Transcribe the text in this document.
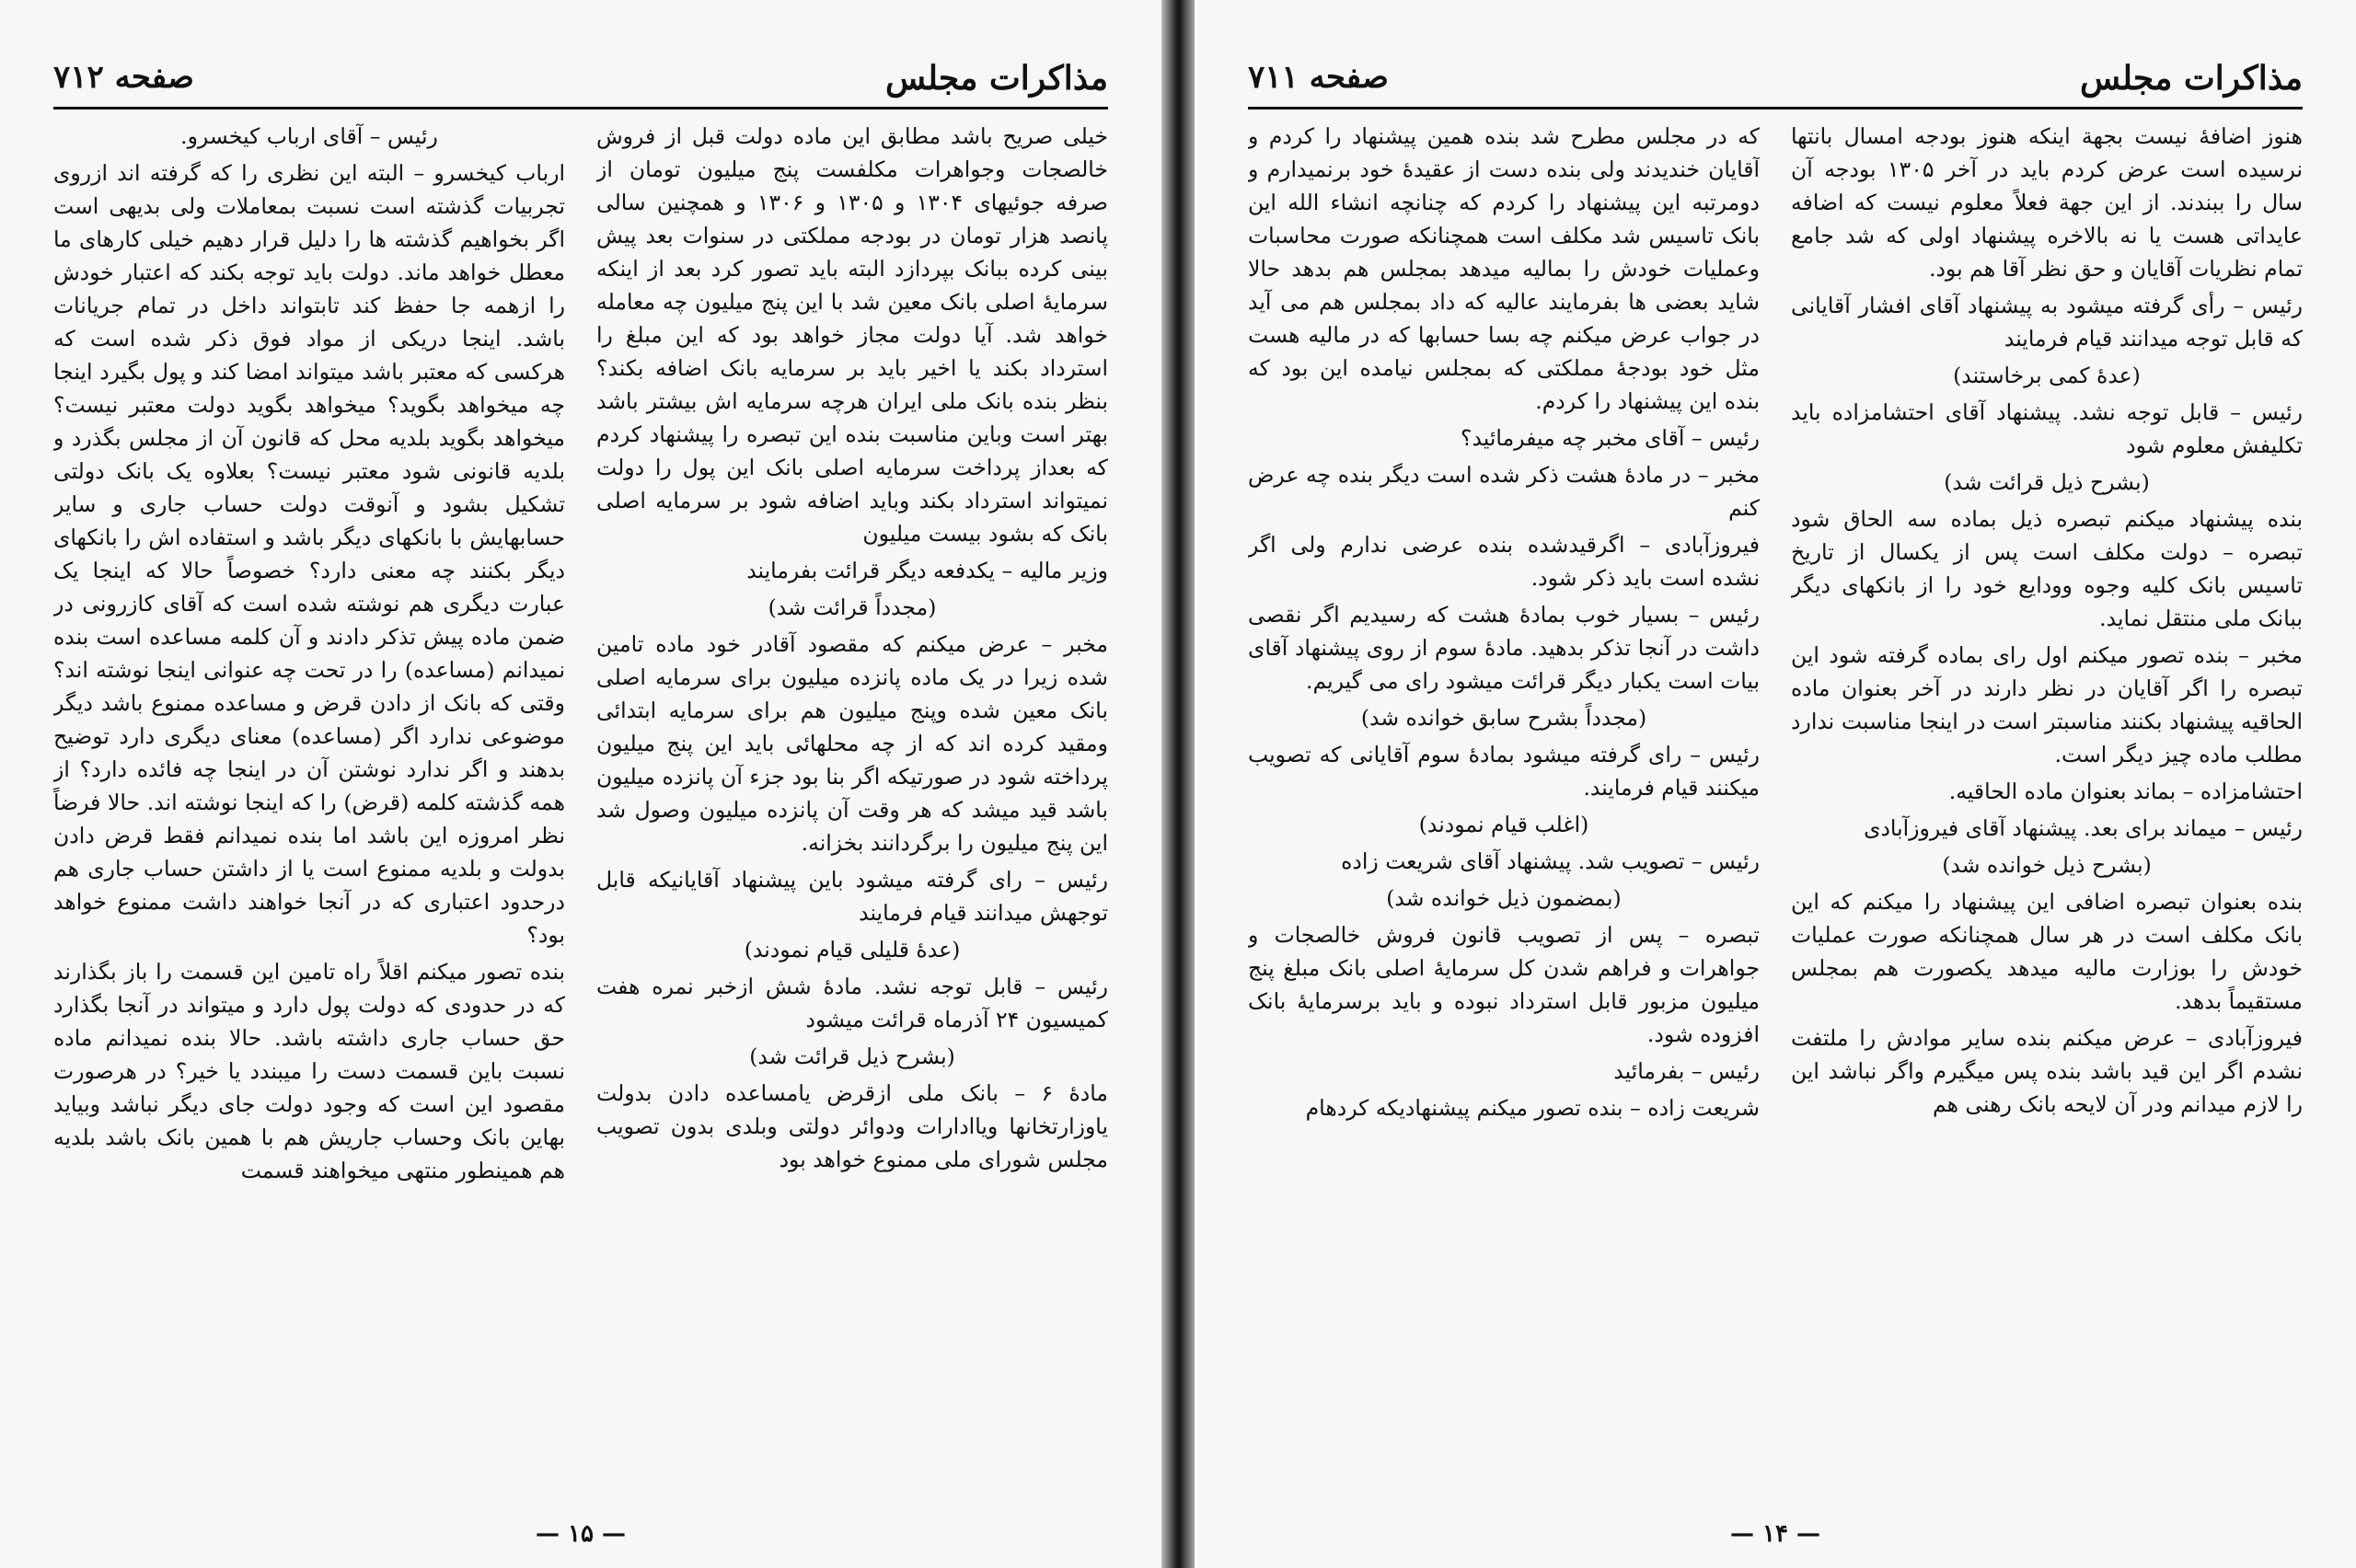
مذاکرات مجلس
صفحه ۷۱۲

خیلی صریح باشد مطابق این ماده دولت قبل از فروش خالصجات وجواهرات مکلفست پنج میلیون تومان از صرفه جوئیهای ۱۳۰۴ و ۱۳۰۵ و ۱۳۰۶ و همچنین سالی پانصد هزار تومان در بودجه مملکتی در سنوات بعد پیش بینی کرده ببانک بپردازد البته باید تصور کرد بعد از اینکه سرمایهٔ اصلی بانک معین شد با این پنج میلیون چه معامله خواهد شد. آیا دولت مجاز خواهد بود که این مبلغ را استرداد بکند یا اخیر باید بر سرمایه بانک اضافه بکند؟ بنظر بنده بانک ملی ایران هرچه سرمایه اش بیشتر باشد بهتر است وباین مناسبت بنده این تبصره را پیشنهاد کردم که بعداز پرداخت سرمایه اصلی بانک این پول را دولت نمیتواند استرداد بکند وباید اضافه شود بر سرمایه اصلی بانک که بشود بیست میلیون

وزیر مالیه – یکدفعه دیگر قرائت بفرمایند

(مجدداً قرائت شد)

مخبر – عرض میکنم که مقصود آقادر خود ماده تامین شده زیرا در یک ماده پانزده میلیون برای سرمایه اصلی بانک معین شده وپنج میلیون هم برای سرمایه ابتدائی ومقید کرده اند که از چه محلهائی باید این پنج میلیون پرداخته شود در صورتیکه اگر بنا بود جزء آن پانزده میلیون باشد قید میشد که هر وقت آن پانزده میلیون وصول شد این پنج میلیون را برگردانند بخزانه.

رئیس – رای گرفته میشود باین پیشنهاد آقایانیکه قابل توجهش میدانند قیام فرمایند

(عدهٔ قلیلی قیام نمودند)

رئیس – قابل توجه نشد. مادهٔ شش ازخبر نمره هفت کمیسیون ۲۴ آذرماه قرائت میشود

(بشرح ذیل قرائت شد)

مادهٔ ۶ – بانک ملی ازقرض یامساعده دادن بدولت یاوزارتخانها ویاادارات ودوائر دولتی وبلدی بدون تصویب مجلس شورای ملی ممنوع خواهد بود

رئیس – آقای ارباب کیخسرو.

ارباب کیخسرو – البته این نظری را که گرفته اند ازروی تجربیات گذشته است نسبت بمعاملات ولی بدیهی است اگر بخواهیم گذشته ها را دلیل قرار دهیم خیلی کارهای ما معطل خواهد ماند. دولت باید توجه بکند که اعتبار خودش را ازهمه جا حفظ کند تابتواند داخل در تمام جریانات باشد. اینجا دریکی از مواد فوق ذکر شده است که هرکسی که معتبر باشد میتواند امضا کند و پول بگیرد اینجا چه میخواهد بگوید؟ میخواهد بگوید دولت معتبر نیست؟ میخواهد بگوید بلدیه محل که قانون آن از مجلس بگذرد و بلدیه قانونی شود معتبر نیست؟ بعلاوه یک بانک دولتی تشکیل بشود و آنوقت دولت حساب جاری و سایر حسابهایش با بانکهای دیگر باشد و استفاده اش را بانکهای دیگر بکنند چه معنی دارد؟ خصوصاً حالا که اینجا یک عبارت دیگری هم نوشته شده است که آقای کازرونی در ضمن ماده پیش تذکر دادند و آن کلمه مساعده است بنده نمیدانم (مساعده) را در تحت چه عنوانی اینجا نوشته اند؟ وقتی که بانک از دادن قرض و مساعده ممنوع باشد دیگر موضوعی ندارد اگر (مساعده) معنای دیگری دارد توضیح بدهند و اگر ندارد نوشتن آن در اینجا چه فائده دارد؟ از همه گذشته کلمه (قرض) را که اینجا نوشته اند. حالا فرضاً نظر امروزه این باشد اما بنده نمیدانم فقط قرض دادن بدولت و بلدیه ممنوع است یا از داشتن حساب جاری هم درحدود اعتباری که در آنجا خواهند داشت ممنوع خواهد بود؟

بنده تصور میکنم اقلاً راه تامین این قسمت را باز بگذارند که در حدودی که دولت پول دارد و میتواند در آنجا بگذارد حق حساب جاری داشته باشد. حالا بنده نمیدانم ماده نسبت باین قسمت دست را میبندد یا خیر؟ در هرصورت مقصود این است که وجود دولت جای دیگر نباشد وبیاید بهاین بانک وحساب جاریش هم با همین بانک باشد بلدیه هم همینطور منتهی میخواهند قسمت

— ۱۵ —
مذاکرات مجلس
صفحه ۷۱۱

هنوز اضافهٔ نیست بجهة اینکه هنوز بودجه امسال بانتها نرسیده است عرض کردم باید در آخر ۱۳۰۵ بودجه آن سال را ببندند. از این جهة فعلاً معلوم نیست که اضافه عایداتی هست یا نه بالاخره پیشنهاد اولی که شد جامع تمام نظریات آقایان و حق نظر آقا هم بود.

رئیس – رأی گرفته میشود به پیشنهاد آقای افشار آقایانی که قابل توجه میدانند قیام فرمایند

(عدهٔ کمی برخاستند)

رئیس – قابل توجه نشد. پیشنهاد آقای احتشامزاده باید تکلیفش معلوم شود

(بشرح ذیل قرائت شد)

بنده پیشنهاد میکنم تبصره ذیل بماده سه الحاق شود تبصره – دولت مکلف است پس از یکسال از تاریخ تاسیس بانک کلیه وجوه وودایع خود را از بانکهای دیگر ببانک ملی منتقل نماید.

مخبر – بنده تصور میکنم اول رای بماده گرفته شود این تبصره را اگر آقایان در نظر دارند در آخر بعنوان ماده الحاقیه پیشنهاد بکنند مناسبتر است در اینجا مناسبت ندارد مطلب ماده چیز دیگر است.

احتشامزاده – بماند بعنوان ماده الحاقیه.

رئیس – میماند برای بعد. پیشنهاد آقای فیروزآبادی

(بشرح ذیل خوانده شد)

بنده بعنوان تبصره اضافی این پیشنهاد را میکنم که این بانک مکلف است در هر سال همچنانکه صورت عملیات خودش را بوزارت مالیه میدهد یکصورت هم بمجلس مستقیماً بدهد.

فیروزآبادی – عرض میکنم بنده سایر موادش را ملتفت نشدم اگر این قید باشد بنده پس میگیرم واگر نباشد این را لازم میدانم ودر آن لایحه بانک رهنی هم

که در مجلس مطرح شد بنده همین پیشنهاد را کردم و آقایان خندیدند ولی بنده دست از عقیدهٔ خود برنمیدارم و دومرتبه این پیشنهاد را کردم که چنانچه انشاء الله این بانک تاسیس شد مکلف است همچنانکه صورت محاسبات وعملیات خودش را بمالیه میدهد بمجلس هم بدهد حالا شاید بعضی ها بفرمایند عالیه که داد بمجلس هم می آید در جواب عرض میکنم چه بسا حسابها که در مالیه هست مثل خود بودجهٔ مملکتی که بمجلس نیامده این بود که بنده این پیشنهاد را کردم.

رئیس – آقای مخبر چه میفرمائید؟

مخبر – در مادهٔ هشت ذکر شده است دیگر بنده چه عرض کنم

فیروزآبادی – اگرقیدشده بنده عرضی ندارم ولی اگر نشده است باید ذکر شود.

رئیس – بسیار خوب بمادهٔ هشت که رسیدیم اگر نقصی داشت در آنجا تذکر بدهید. مادهٔ سوم از روی پیشنهاد آقای بیات است یکبار دیگر قرائت میشود رای می گیریم.

(مجدداً بشرح سابق خوانده شد)

رئیس – رای گرفته میشود بمادهٔ سوم آقایانی که تصویب میکنند قیام فرمایند.

(اغلب قیام نمودند)

رئیس – تصویب شد. پیشنهاد آقای شریعت زاده

(بمضمون ذیل خوانده شد)

تبصره – پس از تصویب قانون فروش خالصجات و جواهرات و فراهم شدن کل سرمایهٔ اصلی بانک مبلغ پنج میلیون مزبور قابل استرداد نبوده و باید برسرمایهٔ بانک افزوده شود.

رئیس – بفرمائید

شریعت زاده – بنده تصور میکنم پیشنهادیکه کردهام

— ۱۴ —
